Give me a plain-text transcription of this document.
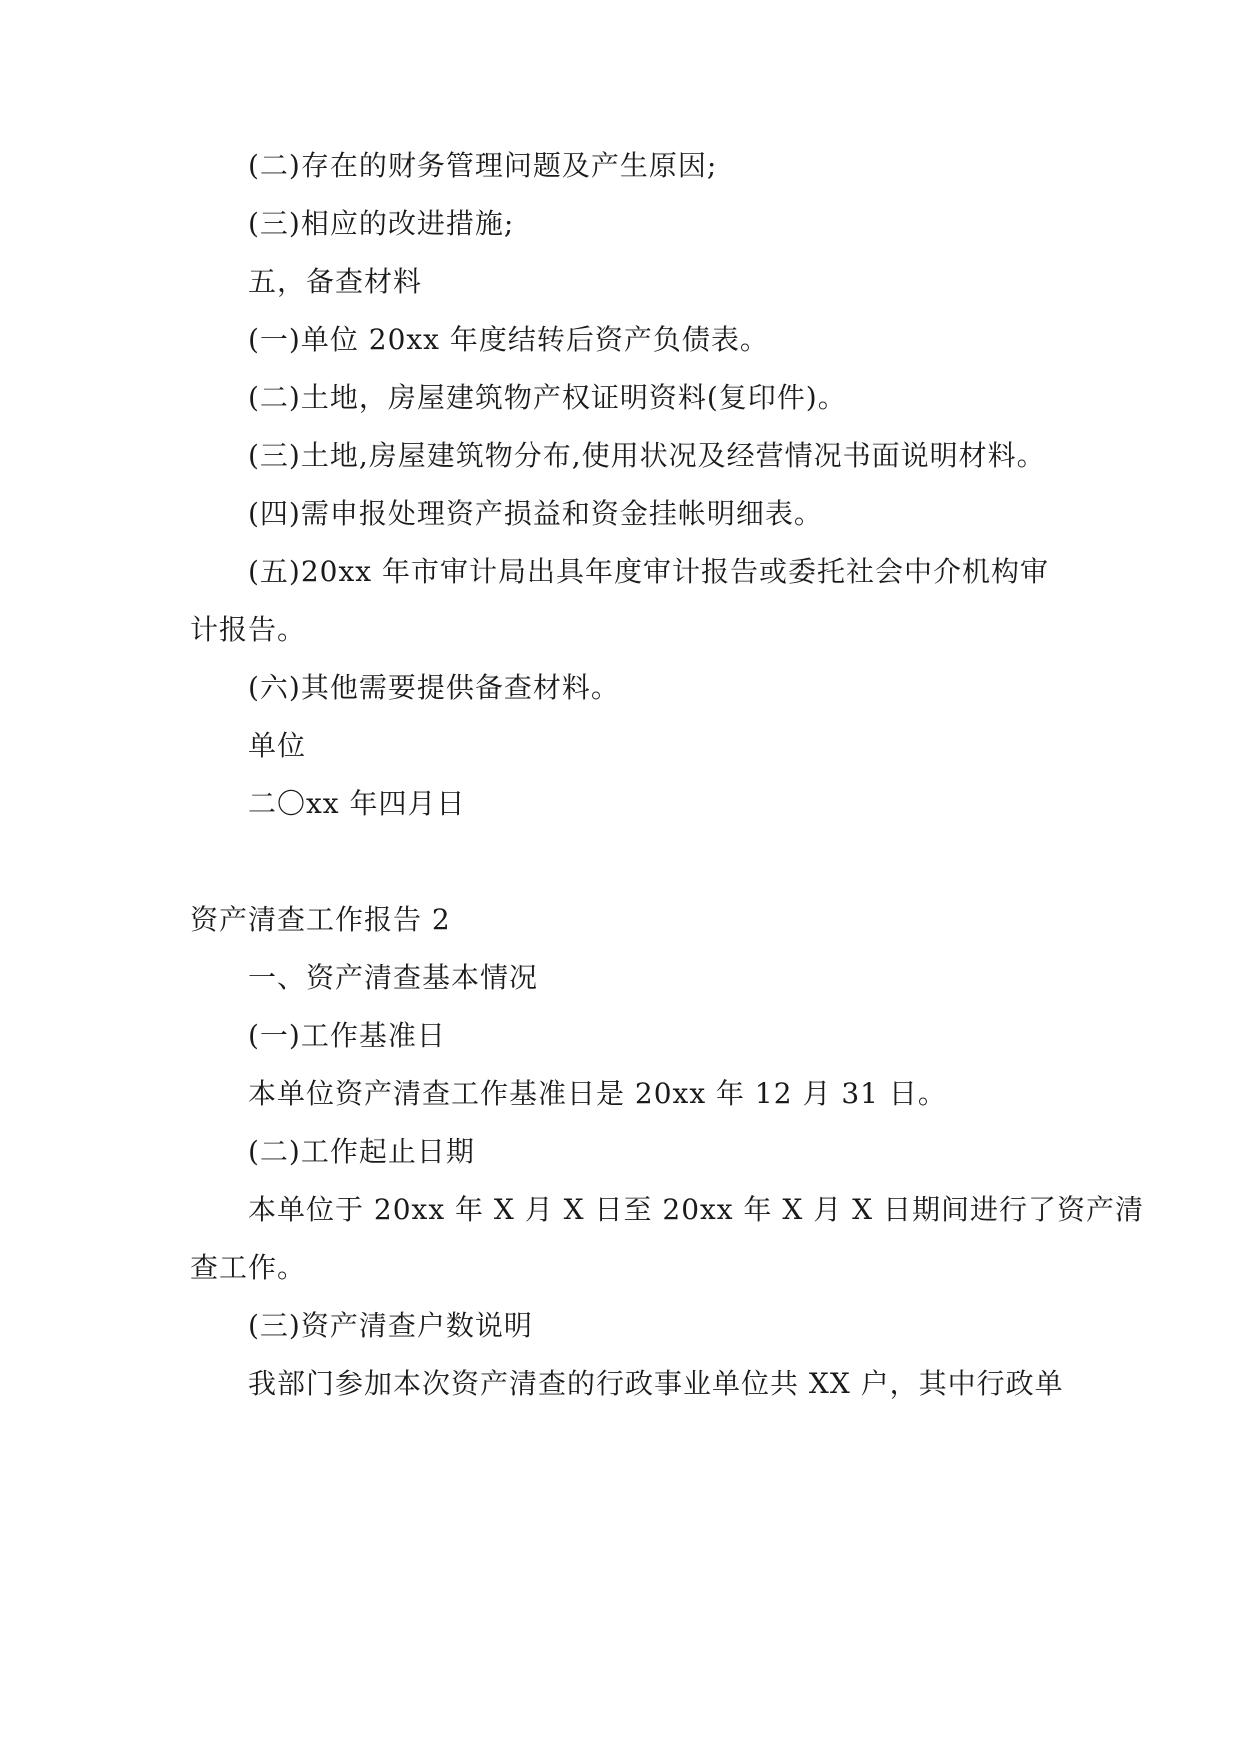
(二)存在的财务管理问题及产生原因;
(三)相应的改进措施;
五，备查材料
(一)单位 20xx 年度结转后资产负债表。
(二)土地，房屋建筑物产权证明资料(复印件)。
(三)土地,房屋建筑物分布,使用状况及经营情况书面说明材料。
(四)需申报处理资产损益和资金挂帐明细表。
(五)20xx 年市审计局出具年度审计报告或委托社会中介机构审
计报告。
(六)其他需要提供备查材料。
单位
二〇xx 年四月日
资产清查工作报告 2
一、资产清查基本情况
(一)工作基准日
本单位资产清查工作基准日是 20xx 年 12 月 31 日。
(二)工作起止日期
本单位于 20xx 年 X 月 X 日至 20xx 年 X 月 X 日期间进行了资产清
查工作。
(三)资产清查户数说明
我部门参加本次资产清查的行政事业单位共 XX 户，其中行政单
